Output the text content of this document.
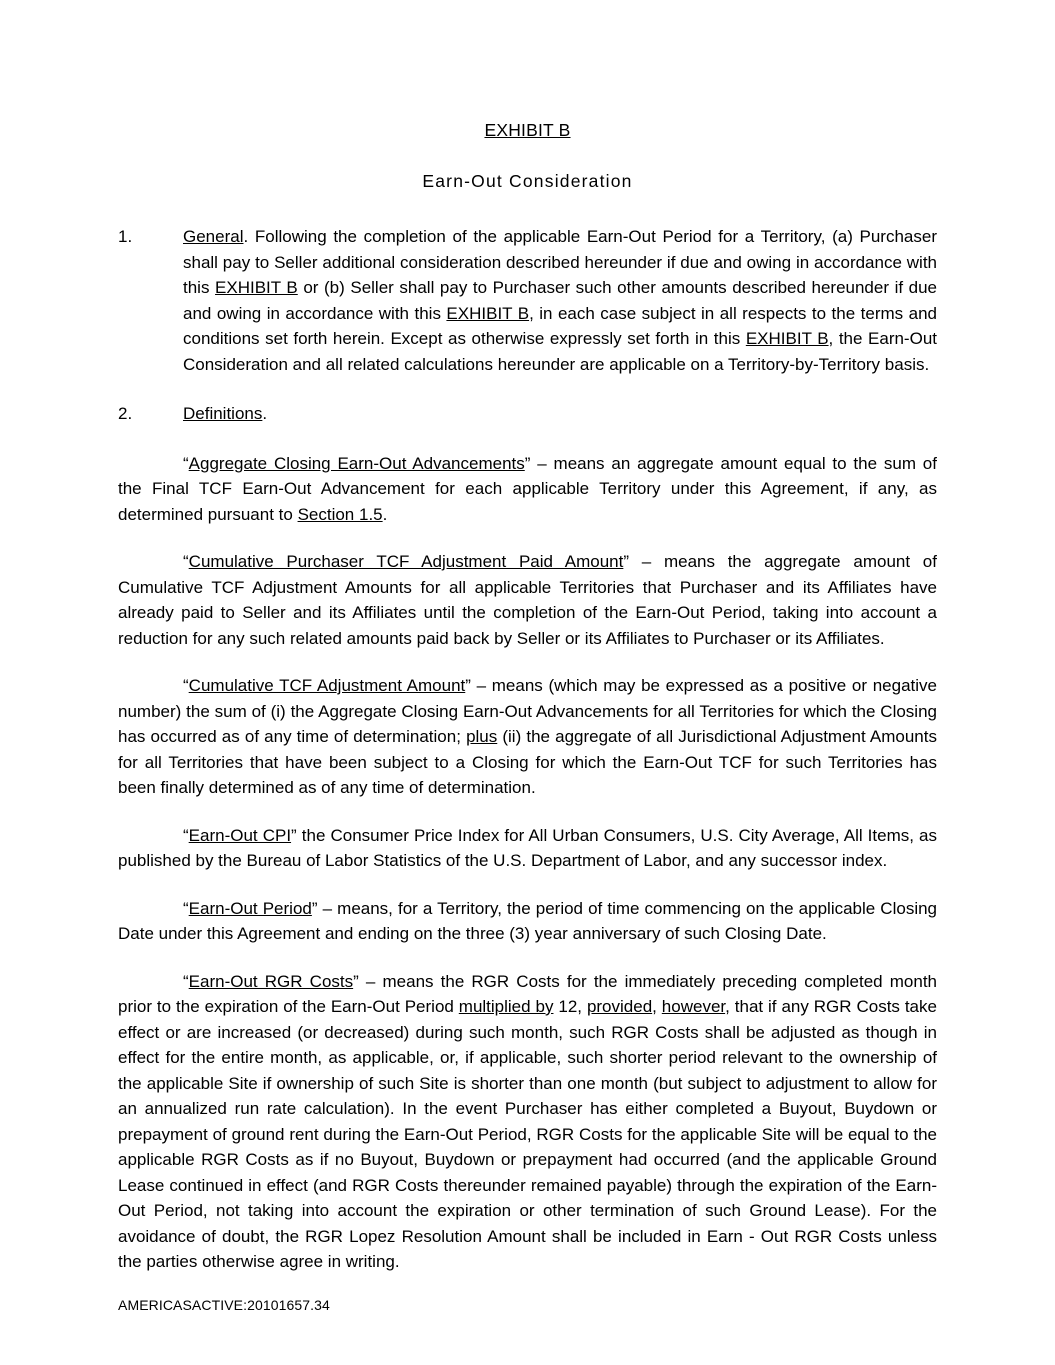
EXHIBIT B
Earn-Out Consideration
1.	General. Following the completion of the applicable Earn-Out Period for a Territory, (a) Purchaser shall pay to Seller additional consideration described hereunder if due and owing in accordance with this EXHIBIT B or (b) Seller shall pay to Purchaser such other amounts described hereunder if due and owing in accordance with this EXHIBIT B, in each case subject in all respects to the terms and conditions set forth herein. Except as otherwise expressly set forth in this EXHIBIT B, the Earn-Out Consideration and all related calculations hereunder are applicable on a Territory-by-Territory basis.
2.	Definitions.

“Aggregate Closing Earn-Out Advancements” – means an aggregate amount equal to the sum of the Final TCF Earn-Out Advancement for each applicable Territory under this Agreement, if any, as determined pursuant to Section 1.5.

“Cumulative Purchaser TCF Adjustment Paid Amount” – means the aggregate amount of Cumulative TCF Adjustment Amounts for all applicable Territories that Purchaser and its Affiliates have already paid to Seller and its Affiliates until the completion of the Earn-Out Period, taking into account a reduction for any such related amounts paid back by Seller or its Affiliates to Purchaser or its Affiliates.

“Cumulative TCF Adjustment Amount” – means (which may be expressed as a positive or negative number) the sum of (i) the Aggregate Closing Earn-Out Advancements for all Territories for which the Closing has occurred as of any time of determination; plus (ii) the aggregate of all Jurisdictional Adjustment Amounts for all Territories that have been subject to a Closing for which the Earn-Out TCF for such Territories has been finally determined as of any time of determination.

“Earn-Out CPI” the Consumer Price Index for All Urban Consumers, U.S. City Average, All Items, as published by the Bureau of Labor Statistics of the U.S. Department of Labor, and any successor index.

“Earn-Out Period” – means, for a Territory, the period of time commencing on the applicable Closing Date under this Agreement and ending on the three (3) year anniversary of such Closing Date.

“Earn-Out RGR Costs” – means the RGR Costs for the immediately preceding completed month prior to the expiration of the Earn-Out Period multiplied by 12, provided, however, that if any RGR Costs take effect or are increased (or decreased) during such month, such RGR Costs shall be adjusted as though in effect for the entire month, as applicable, or, if applicable, such shorter period relevant to the ownership of the applicable Site if ownership of such Site is shorter than one month (but subject to adjustment to allow for an annualized run rate calculation). In the event Purchaser has either completed a Buyout, Buydown or prepayment of ground rent during the Earn-Out Period, RGR Costs for the applicable Site will be equal to the applicable RGR Costs as if no Buyout, Buydown or prepayment had occurred (and the applicable Ground Lease continued in effect (and RGR Costs thereunder remained payable) through the expiration of the Earn-Out Period, not taking into account the expiration or other termination of such Ground Lease). For the avoidance of doubt, the RGR Lopez Resolution Amount shall be included in Earn - Out RGR Costs unless the parties otherwise agree in writing.

AMERICASACTIVE:20101657.34
